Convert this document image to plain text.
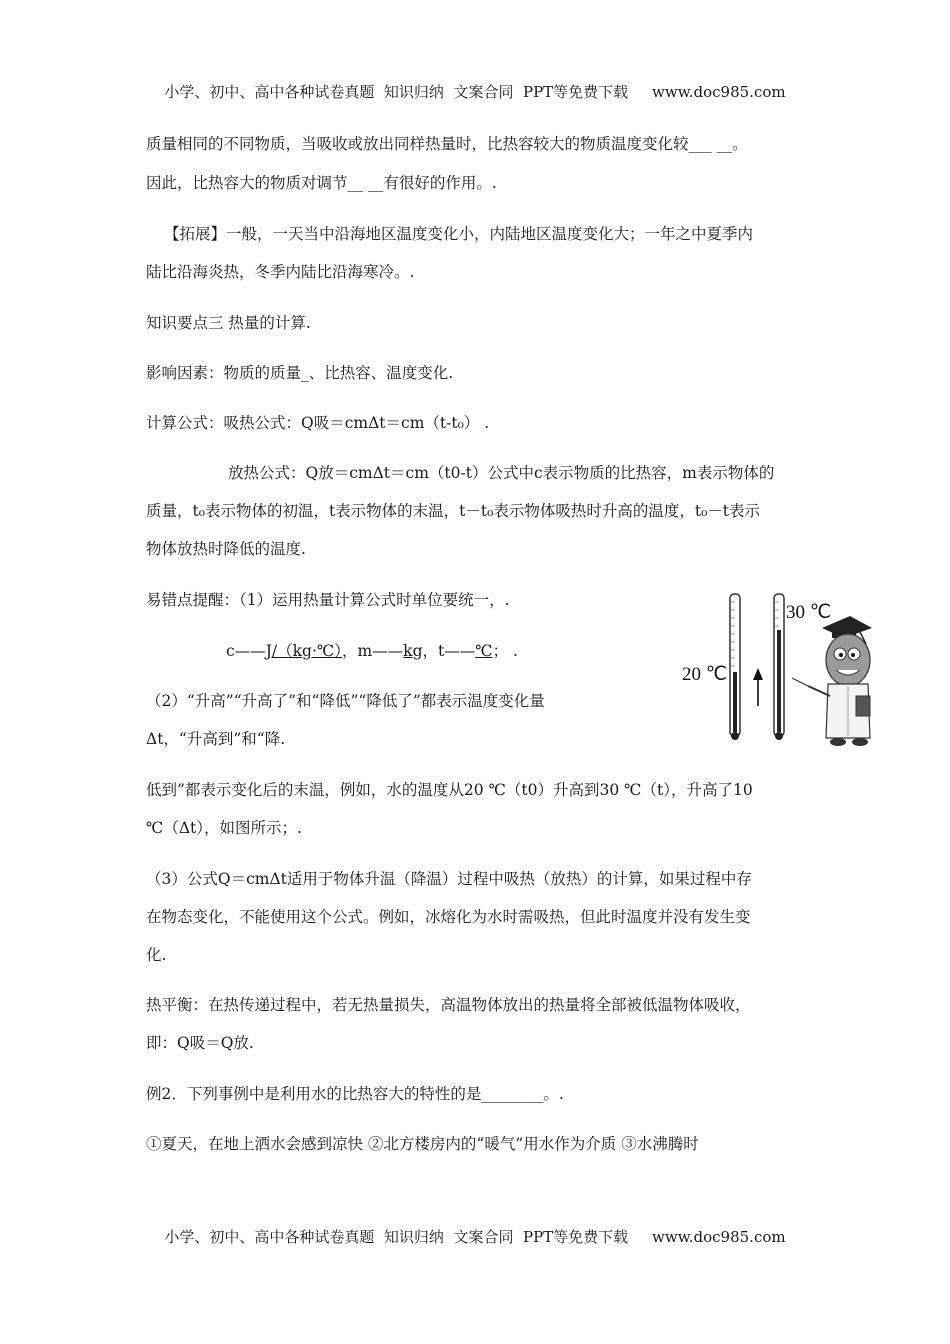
小学、初中、高中各种试卷真题  知识归纳  文案合同  PPT等免费下载     www.doc985.com
质量相同的不同物质，当吸收或放出同样热量时，比热容较大的物质温度变化较___ __。
因此，比热容大的物质对调节__ __有很好的作用。.
【拓展】一般，一天当中沿海地区温度变化小，内陆地区温度变化大；一年之中夏季内
陆比沿海炎热，冬季内陆比沿海寒冷。.
知识要点三 热量的计算.
影响因素：物质的质量_、比热容、温度变化.
计算公式：吸热公式：Q吸＝cmΔt＝cm（t-t₀） .
放热公式：Q放＝cmΔt＝cm（t0-t）公式中c表示物质的比热容，m表示物体的
质量，t₀表示物体的初温，t表示物体的末温，t－t₀表示物体吸热时升高的温度，t₀－t表示
物体放热时降低的温度.
易错点提醒：（1）运用热量计算公式时单位要统一，.
c——J/（kg·℃），m——kg，t——℃； .
（2）“升高”“升高了”和“降低”“降低了”都表示温度变化量
Δt，“升高到”和“降.
低到”都表示变化后的末温，例如，水的温度从20 ℃（t0）升高到30 ℃（t），升高了10
℃（Δt），如图所示；.
（3）公式Q＝cmΔt适用于物体升温（降温）过程中吸热（放热）的计算，如果过程中存
在物态变化，不能使用这个公式。例如，冰熔化为水时需吸热，但此时温度并没有发生变
化.
热平衡：在热传递过程中，若无热量损失，高温物体放出的热量将全部被低温物体吸收，
即：Q吸＝Q放.
例2．下列事例中是利用水的比热容大的特性的是________。.
①夏天，在地上洒水会感到凉快 ②北方楼房内的“暖气”用水作为介质 ③水沸腾时
小学、初中、高中各种试卷真题  知识归纳  文案合同  PPT等免费下载     www.doc985.com
20 ℃
30 ℃
